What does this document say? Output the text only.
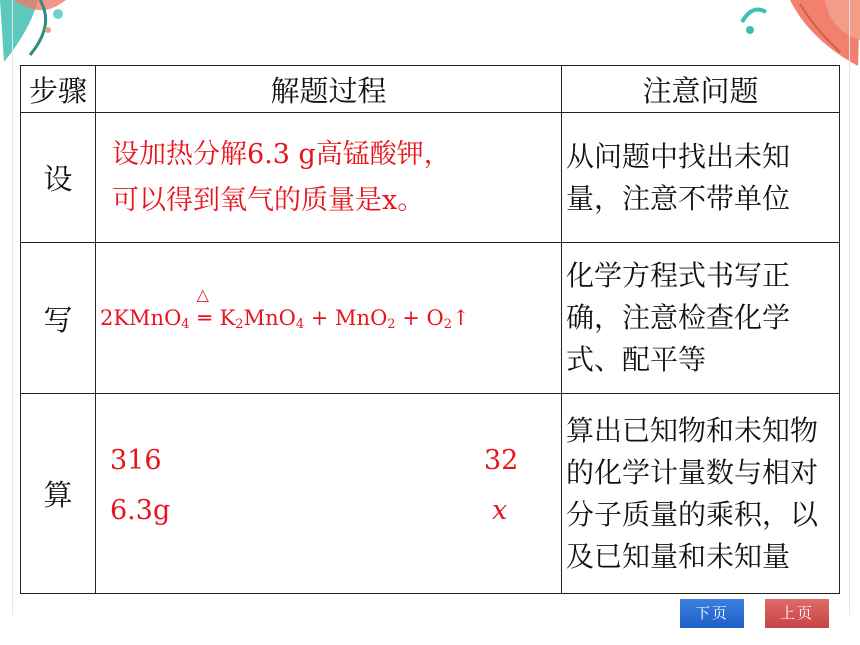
步骤	解题过程	注意问题
设	设加热分解6.3 g高锰酸钾，
可以得到氧气的质量是x。	从问题中找出未知量，注意不带单位
写	2KMnO$_4$
△
═ $K_2MnO_4 + MnO_2$ + $O_2↑$	化学方程式书写正确，注意检查化学式、配平等
算	316 32
6.3g x	算出已知物和未知物的化学计量数与相对分子质量的乘积，以及已知量和未知量
下页	上页
